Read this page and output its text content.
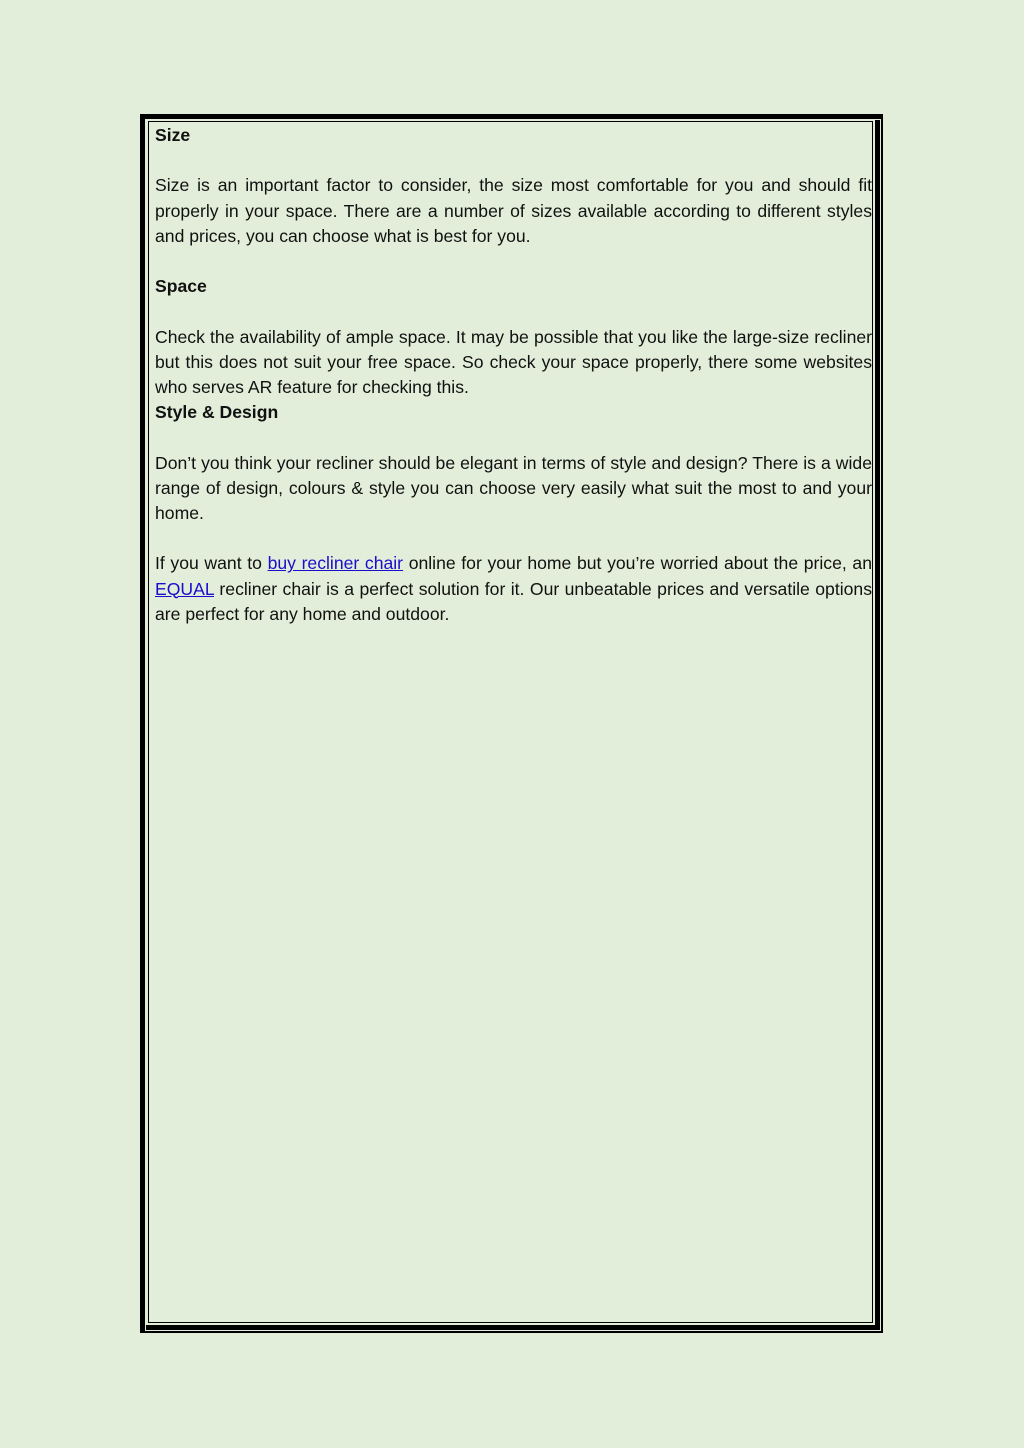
Size

Size is an important factor to consider, the size most comfortable for you and should fit properly in your space. There are a number of sizes available according to different styles and prices, you can choose what is best for you.

Space

Check the availability of ample space. It may be possible that you like the large-size recliner but this does not suit your free space. So check your space properly, there some websites who serves AR feature for checking this.

Style & Design

Don’t you think your recliner should be elegant in terms of style and design? There is a wide range of design, colours & style you can choose very easily what suit the most to and your home.

If you want to buy recliner chair online for your home but you’re worried about the price, an EQUAL recliner chair is a perfect solution for it. Our unbeatable prices and versatile options are perfect for any home and outdoor.
